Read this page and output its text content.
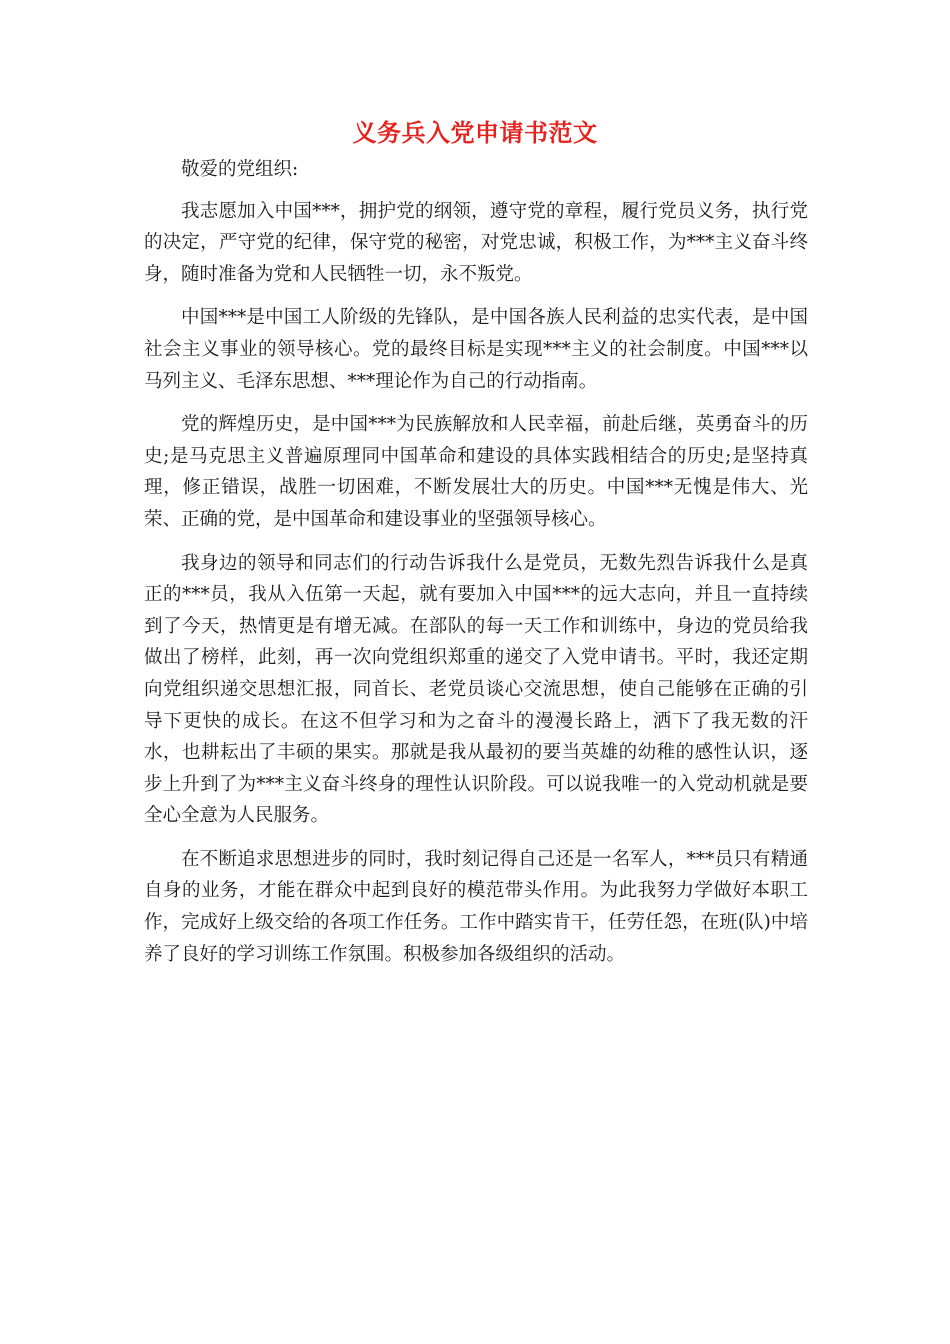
义务兵入党申请书范文

敬爱的党组织:

我志愿加入中国***，拥护党的纲领，遵守党的章程，履行党员义务，执行党的决定，严守党的纪律，保守党的秘密，对党忠诚，积极工作，为***主义奋斗终身，随时准备为党和人民牺牲一切，永不叛党。

中国***是中国工人阶级的先锋队，是中国各族人民利益的忠实代表，是中国社会主义事业的领导核心。党的最终目标是实现***主义的社会制度。中国***以马列主义、毛泽东思想、***理论作为自己的行动指南。

党的辉煌历史，是中国***为民族解放和人民幸福，前赴后继，英勇奋斗的历史;是马克思主义普遍原理同中国革命和建设的具体实践相结合的历史;是坚持真理，修正错误，战胜一切困难，不断发展壮大的历史。中国***无愧是伟大、光荣、正确的党，是中国革命和建设事业的坚强领导核心。

我身边的领导和同志们的行动告诉我什么是党员，无数先烈告诉我什么是真正的***员，我从入伍第一天起，就有要加入中国***的远大志向，并且一直持续到了今天，热情更是有增无减。在部队的每一天工作和训练中，身边的党员给我做出了榜样，此刻，再一次向党组织郑重的递交了入党申请书。平时，我还定期向党组织递交思想汇报，同首长、老党员谈心交流思想，使自己能够在正确的引导下更快的成长。在这不但学习和为之奋斗的漫漫长路上，洒下了我无数的汗水，也耕耘出了丰硕的果实。那就是我从最初的要当英雄的幼稚的感性认识，逐步上升到了为***主义奋斗终身的理性认识阶段。可以说我唯一的入党动机就是要全心全意为人民服务。

在不断追求思想进步的同时，我时刻记得自己还是一名军人，***员只有精通自身的业务，才能在群众中起到良好的模范带头作用。为此我努力学做好本职工作，完成好上级交给的各项工作任务。工作中踏实肯干，任劳任怨，在班(队)中培养了良好的学习训练工作氛围。积极参加各级组织的活动。
